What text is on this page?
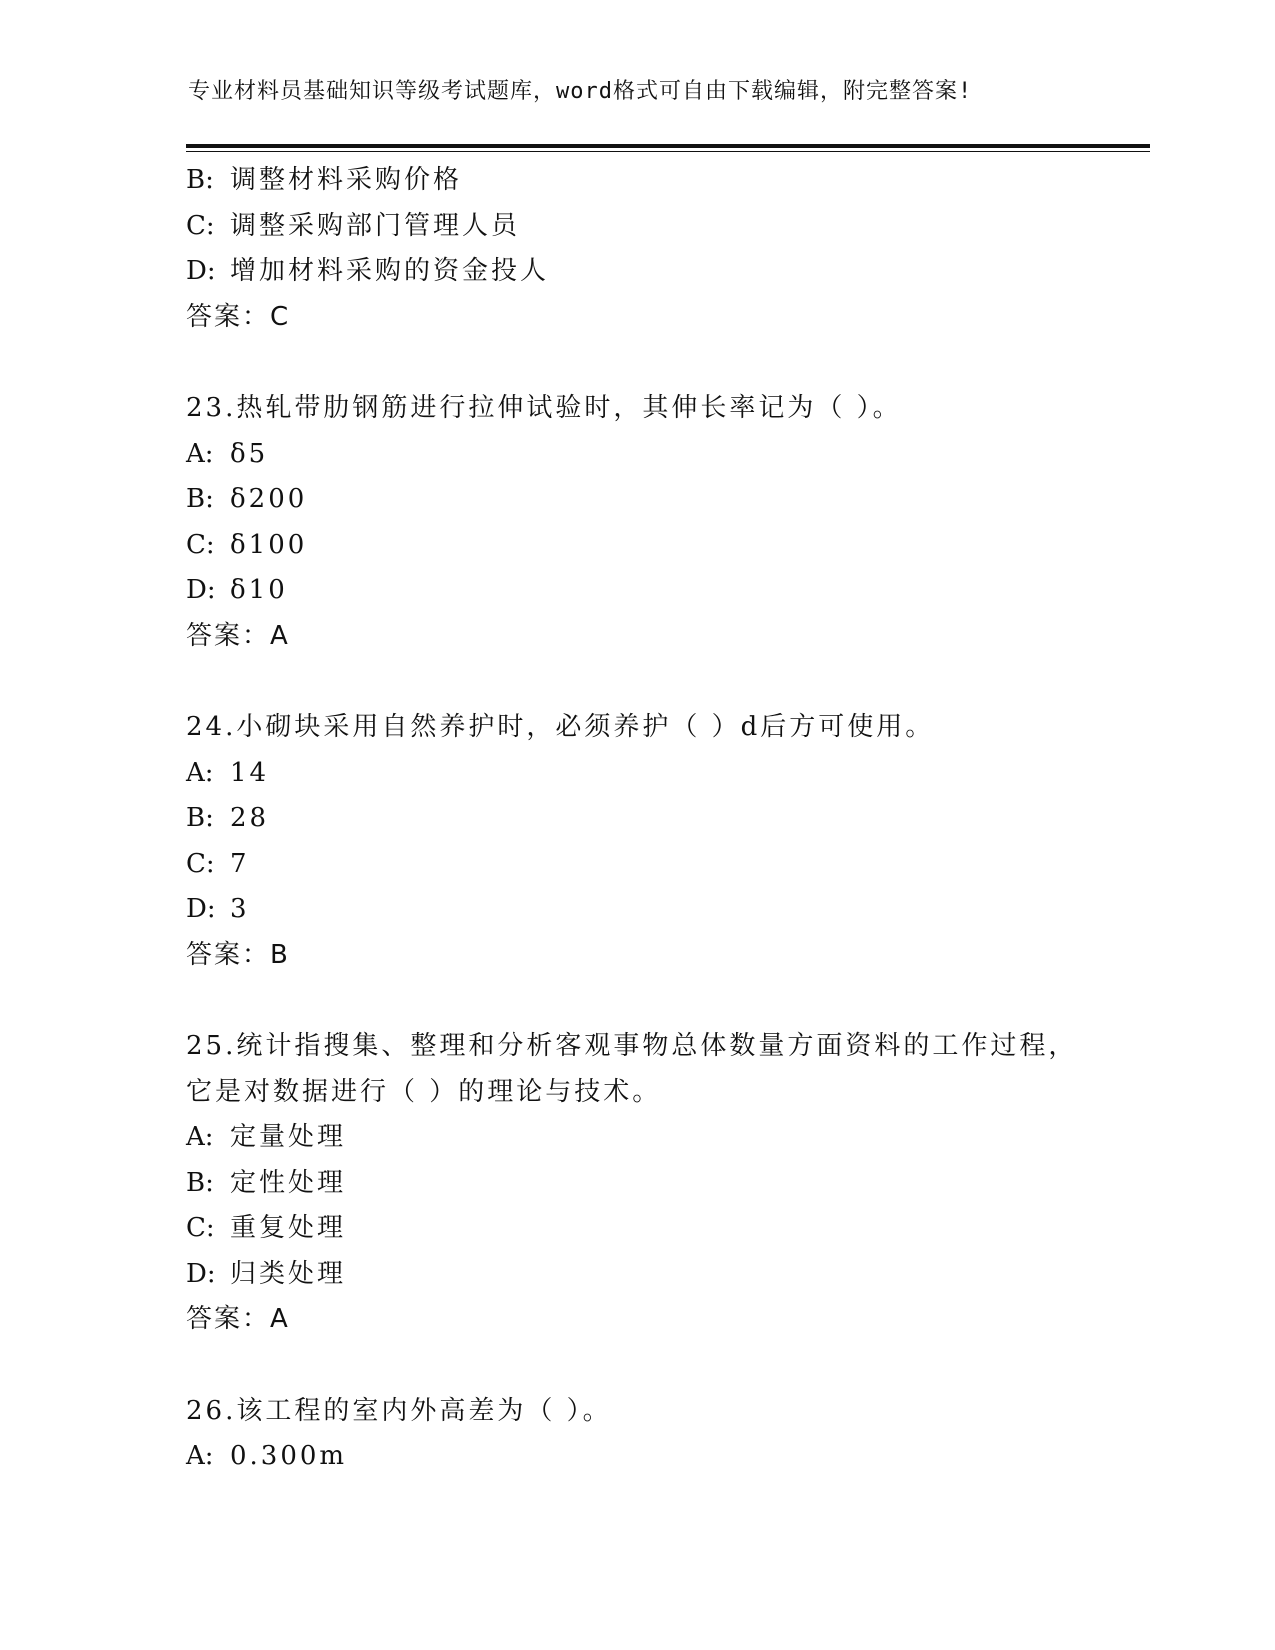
专业材料员基础知识等级考试题库，word格式可自由下载编辑，附完整答案!
B: 调整材料采购价格
C: 调整采购部门管理人员
D: 增加材料采购的资金投人
答案：C
23.热轧带肋钢筋进行拉伸试验时，其伸长率记为（ ）。
A: δ5
B: δ200
C: δ100
D: δ10
答案：A
24.小砌块采用自然养护时，必须养护（ ）d后方可使用。
A: 14
B: 28
C: 7
D: 3
答案：B
25.统计指搜集、整理和分析客观事物总体数量方面资料的工作过程，
它是对数据进行（ ）的理论与技术。
A: 定量处理
B: 定性处理
C: 重复处理
D: 归类处理
答案：A
26.该工程的室内外高差为（ ）。
A: 0.300m
